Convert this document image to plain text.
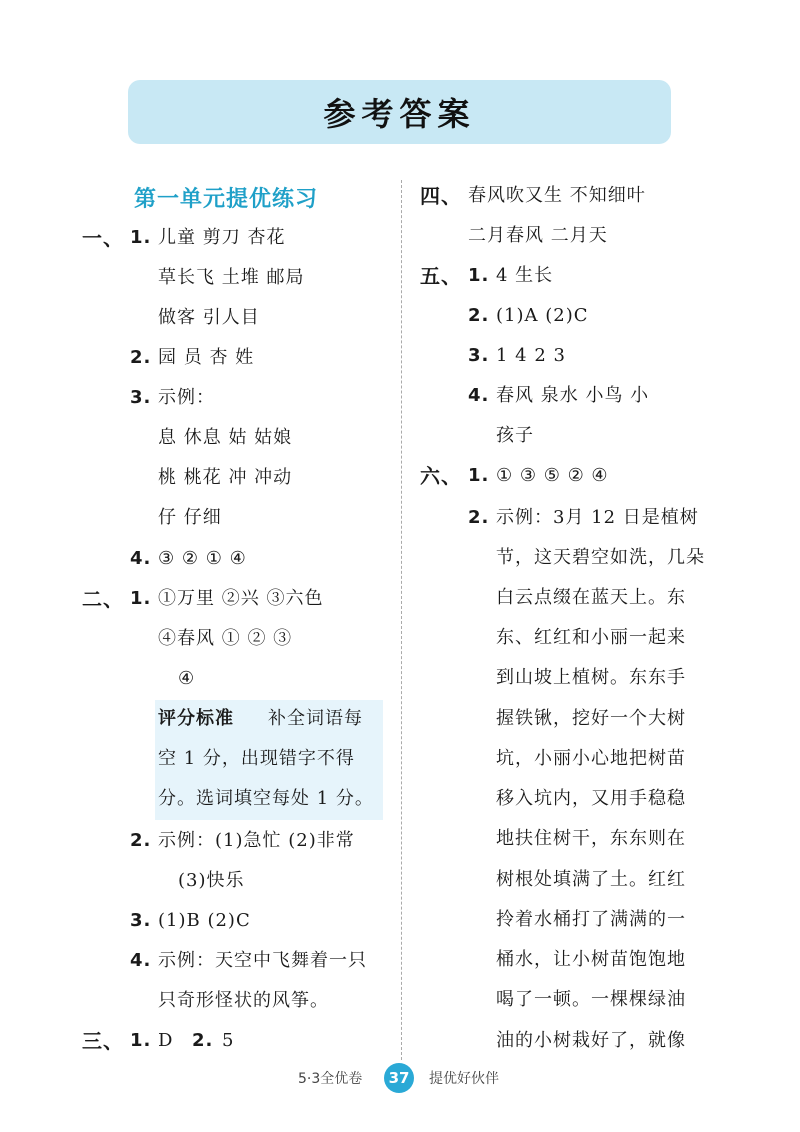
参考答案
第一单元提优练习
一、 1. 儿童 剪刀 杏花
草长飞 土堆 邮局
做客 引人目
2. 园 员 杏 姓
3. 示例：
息 休息 姑 姑娘
桃 桃花 冲 冲动
仔 仔细
4. ③ ② ① ④
二、 1. ①万里 ②兴 ③六色
④春风 ① ② ③
④
评分标准 补全词语每
空 1 分，出现错字不得
分。选词填空每处 1 分。
2. 示例：(1)急忙 (2)非常
(3)快乐
3. (1)B (2)C
4. 示例：天空中飞舞着一只
只奇形怪状的风筝。
三、 1. D 2. 5
四、 春风吹又生 不知细叶
二月春风 二月天
五、 1. 4 生长
2. (1)A (2)C
3. 1 4 2 3
4. 春风 泉水 小鸟 小
孩子
六、 1. ① ③ ⑤ ② ④
2. 示例：3月 12 日是植树
节，这天碧空如洗，几朵
白云点缀在蓝天上。东
东、红红和小丽一起来
到山坡上植树。东东手
握铁锹，挖好一个大树
坑，小丽小心地把树苗
移入坑内，又用手稳稳
地扶住树干，东东则在
树根处填满了土。红红
拎着水桶打了满满的一
桶水，让小树苗饱饱地
喝了一顿。一棵棵绿油
油的小树栽好了，就像
5·3全优卷	37	提优好伙伴
